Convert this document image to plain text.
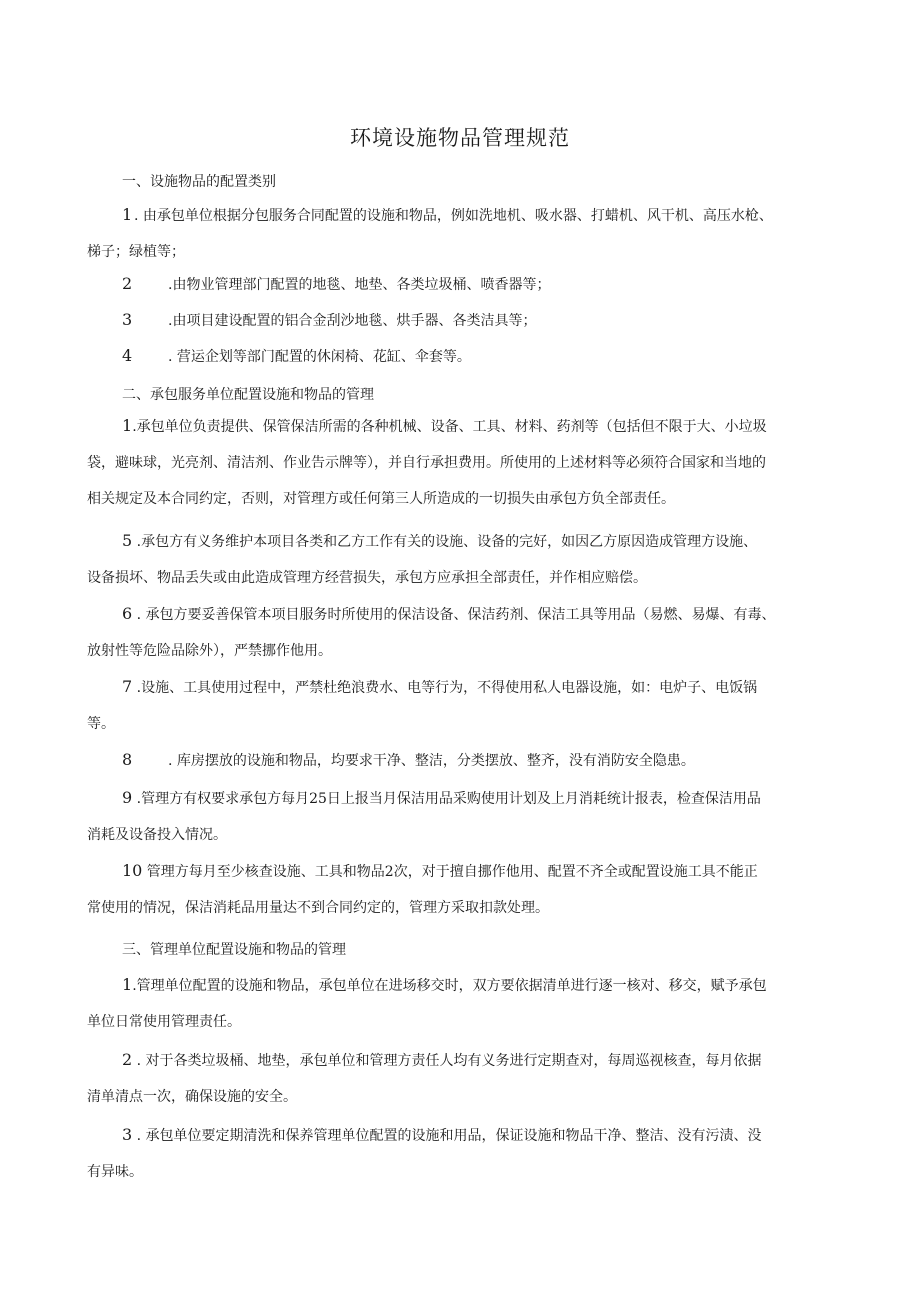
环境设施物品管理规范
一、设施物品的配置类别
1 . 由承包单位根据分包服务合同配置的设施和物品，例如洗地机、吸水器、打蜡机、风干机、高压水枪、
梯子；绿植等；
2	.由物业管理部门配置的地毯、地垫、各类垃圾桶、喷香器等；
3	.由项目建设配置的铝合金刮沙地毯、烘手器、各类洁具等；
4	. 营运企划等部门配置的休闲椅、花缸、伞套等。
二、承包服务单位配置设施和物品的管理
1.承包单位负责提供、保管保洁所需的各种机械、设备、工具、材料、药剂等（包括但不限于大、小垃圾
袋，避味球，光亮剂、清洁剂、作业告示牌等），并自行承担费用。所使用的上述材料等必须符合国家和当地的
相关规定及本合同约定，否则，对管理方或任何第三人所造成的一切损失由承包方负全部责任。
5 .承包方有义务维护本项目各类和乙方工作有关的设施、设备的完好，如因乙方原因造成管理方设施、
设备损坏、物品丢失或由此造成管理方经营损失，承包方应承担全部责任，并作相应赔偿。
6 . 承包方要妥善保管本项目服务时所使用的保洁设备、保洁药剂、保洁工具等用品（易燃、易爆、有毒、
放射性等危险品除外），严禁挪作他用。
7 .设施、工具使用过程中，严禁杜绝浪费水、电等行为，不得使用私人电器设施，如：电炉子、电饭锅
等。
8	. 库房摆放的设施和物品，均要求干净、整洁，分类摆放、整齐，没有消防安全隐患。
9 .管理方有权要求承包方每月25日上报当月保洁用品采购使用计划及上月消耗统计报表，检查保洁用品
消耗及设备投入情况。
10 管理方每月至少核查设施、工具和物品2次，对于擅自挪作他用、配置不齐全或配置设施工具不能正
常使用的情况，保洁消耗品用量达不到合同约定的，管理方采取扣款处理。
三、管理单位配置设施和物品的管理
1.管理单位配置的设施和物品，承包单位在进场移交时，双方要依据清单进行逐一核对、移交，赋予承包
单位日常使用管理责任。
2 . 对于各类垃圾桶、地垫，承包单位和管理方责任人均有义务进行定期查对，每周巡视核查，每月依据
清单清点一次，确保设施的安全。
3 . 承包单位要定期清洗和保养管理单位配置的设施和用品，保证设施和物品干净、整洁、没有污渍、没
有异味。
